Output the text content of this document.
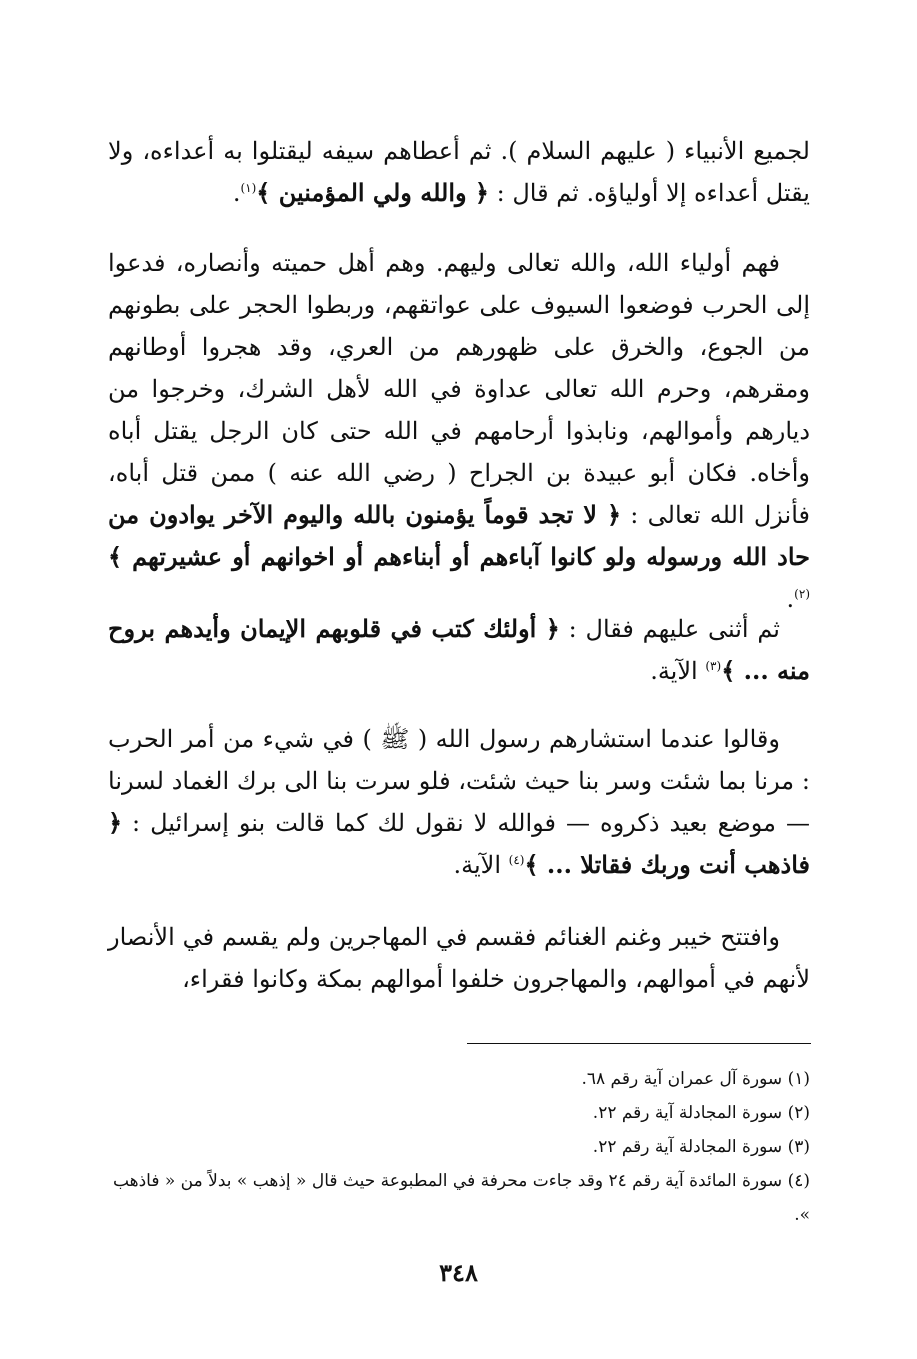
لجميع الأنبياء ( عليهم السلام ). ثم أعطاهم سيفه ليقتلوا به أعداءه، ولا يقتل أعداءه إلا أولياؤه. ثم قال : ﴿ والله ولي المؤمنين ﴾$^{(١)}$.

فهم أولياء الله، والله تعالى وليهم. وهم أهل حميته وأنصاره، فدعوا إلى الحرب فوضعوا السيوف على عواتقهم، وربطوا الحجر على بطونهم من الجوع، والخرق على ظهورهم من العري، وقد هجروا أوطانهم ومقرهم، وحرم الله تعالى عداوة في الله لأهل الشرك، وخرجوا من ديارهم وأموالهم، ونابذوا أرحامهم في الله حتى كان الرجل يقتل أباه وأخاه. فكان أبو عبيدة بن الجراح ( رضي الله عنه ) ممن قتل أباه، فأنزل الله تعالى : ﴿ لا تجد قوماً يؤمنون بالله واليوم الآخر يوادون من حاد الله ورسوله ولو كانوا آباءهم أو أبناءهم أو اخوانهم أو عشيرتهم ﴾$^{(٢)}$.

ثم أثنى عليهم فقال : ﴿ أولئك كتب في قلوبهم الإيمان وأيدهم بروح منه ... ﴾$^{(٣)}$ الآية.

وقالوا عندما استشارهم رسول الله ( ﷺ ) في شيء من أمر الحرب : مرنا بما شئت وسر بنا حيث شئت، فلو سرت بنا الى برك الغماد لسرنا — موضع بعيد ذكروه — فوالله لا نقول لك كما قالت بنو إسرائيل : ﴿ فاذهب أنت وربك فقاتلا ... ﴾$^{(٤)}$ الآية.

وافتتح خيبر وغنم الغنائم فقسم في المهاجرين ولم يقسم في الأنصار لأنهم في أموالهم، والمهاجرون خلفوا أموالهم بمكة وكانوا فقراء،

(١) سورة آل عمران آية رقم ٦٨.

(٢) سورة المجادلة آية رقم ٢٢.

(٣) سورة المجادلة آية رقم ٢٢.

(٤) سورة المائدة آية رقم ٢٤ وقد جاءت محرفة في المطبوعة حيث قال « إذهب » بدلاً من « فاذهب ».

٣٤٨
